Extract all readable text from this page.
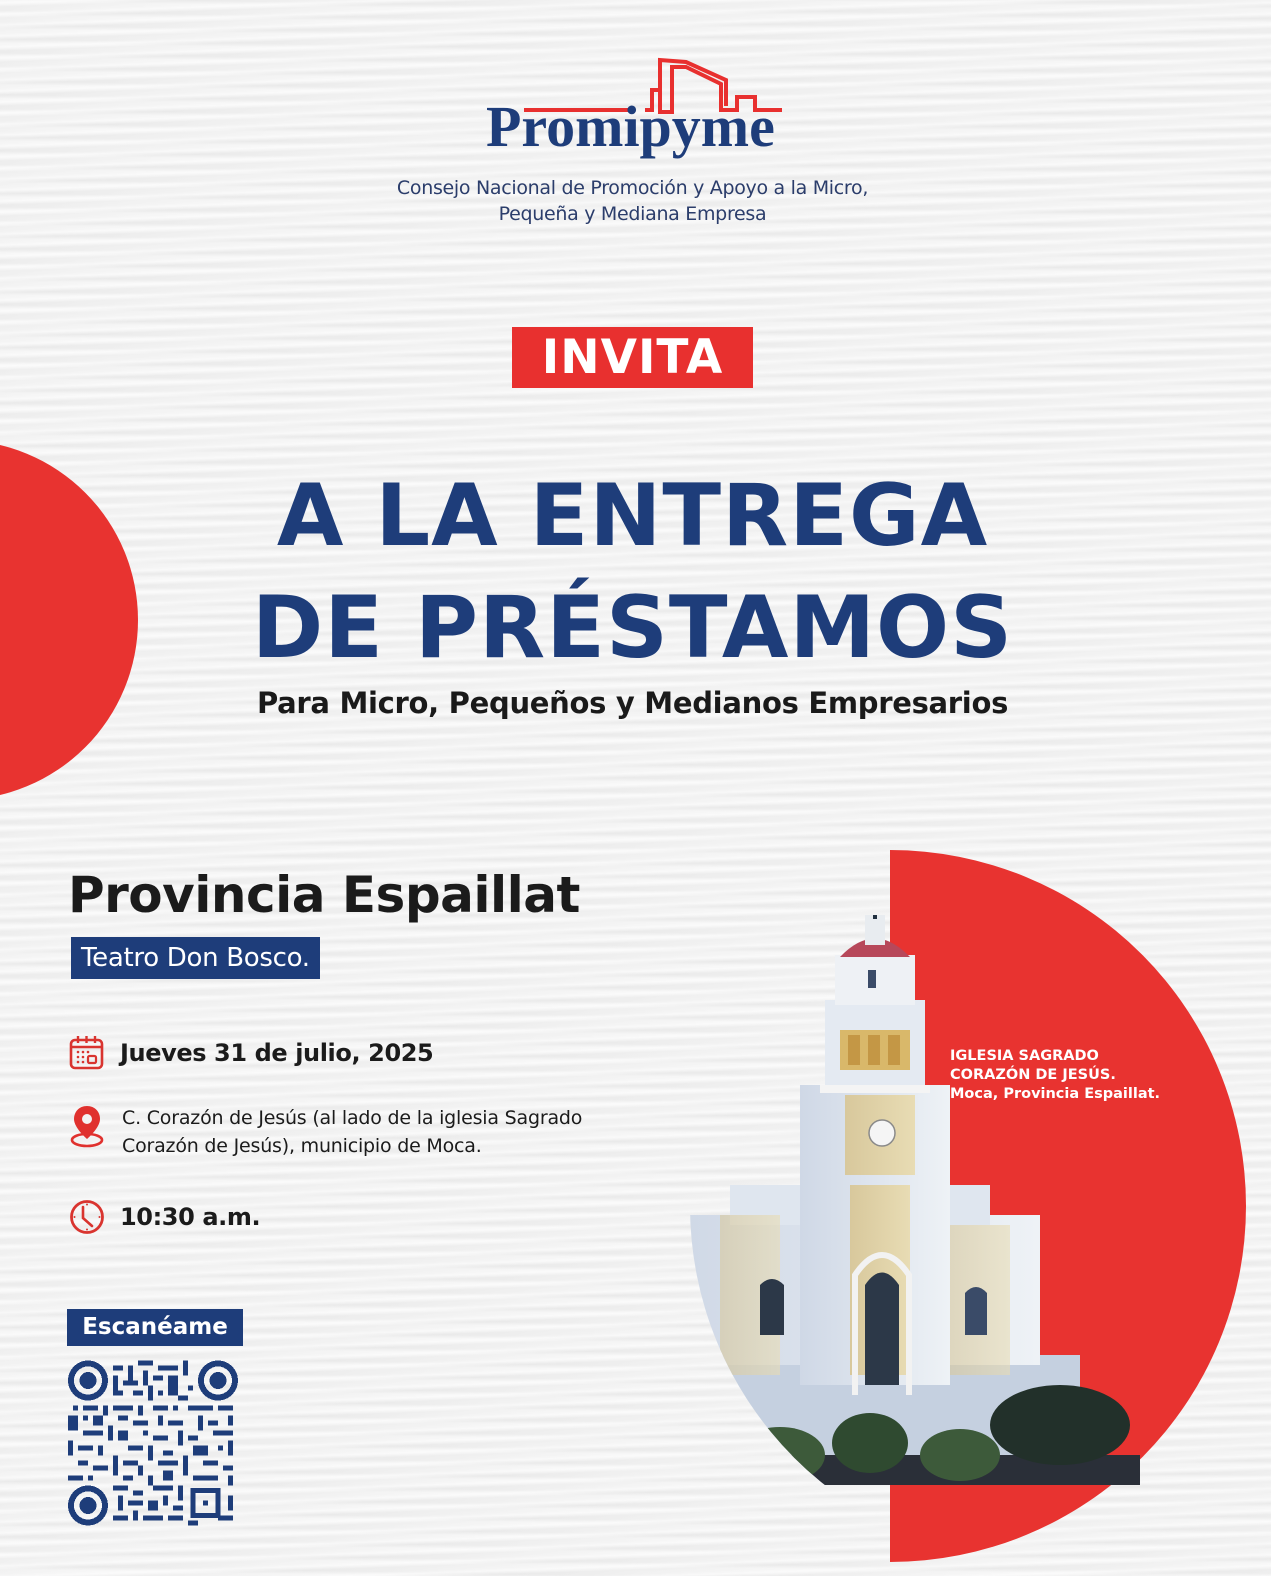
Promipyme
Consejo Nacional de Promoción y Apoyo a la Micro,
Pequeña y Mediana Empresa
INVITA
A LA ENTREGA
DE PRÉSTAMOS
Para Micro, Pequeños y Medianos Empresarios
Provincia Espaillat
Teatro Don Bosco.
Jueves 31 de julio, 2025
C. Corazón de Jesús (al lado de la iglesia Sagrado
Corazón de Jesús), municipio de Moca.
10:30 a.m.
Escanéame
IGLESIA SAGRADO
CORAZÓN DE JESÚS.
Moca, Provincia Espaillat.
